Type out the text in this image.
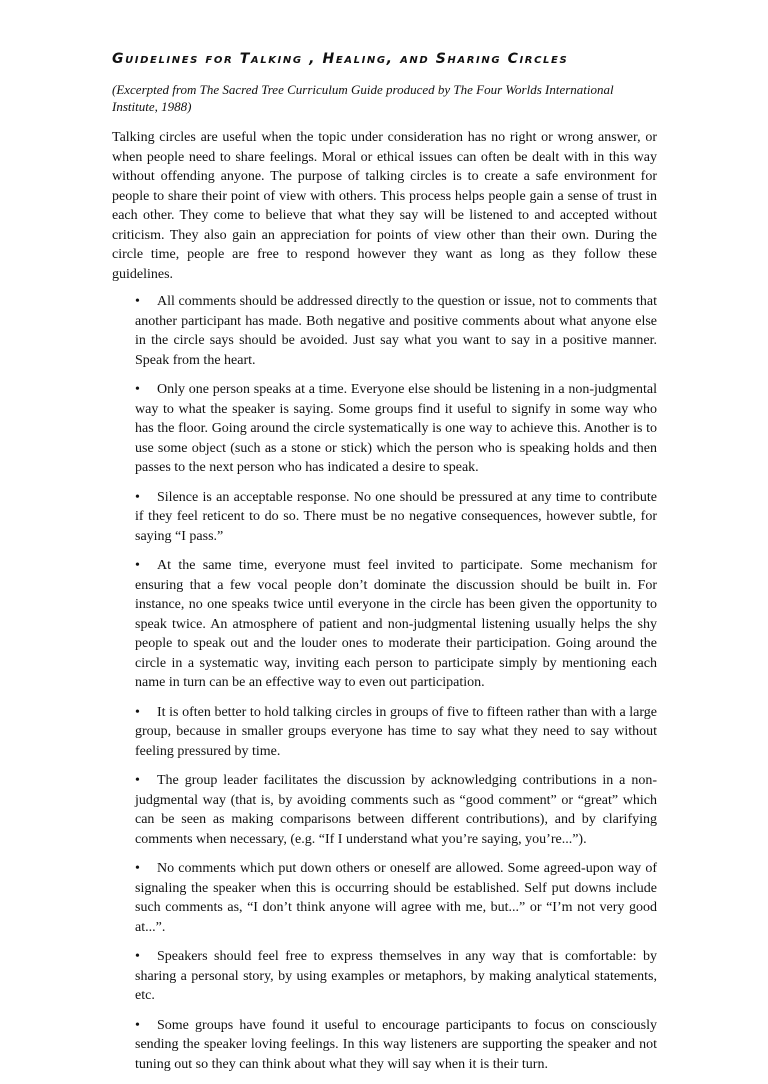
Guidelines for Talking , Healing, and Sharing Circles

(Excerpted from The Sacred Tree Curriculum Guide produced by The Four Worlds International Institute, 1988)

Talking circles are useful when the topic under consideration has no right or wrong answer, or when people need to share feelings. Moral or ethical issues can often be dealt with in this way without offending anyone. The purpose of talking circles is to create a safe environment for people to share their point of view with others. This process helps people gain a sense of trust in each other. They come to believe that what they say will be listened to and accepted without criticism. They also gain an appreciation for points of view other than their own. During the circle time, people are free to respond however they want as long as they follow these guidelines.

• All comments should be addressed directly to the question or issue, not to comments that another participant has made. Both negative and positive comments about what anyone else in the circle says should be avoided. Just say what you want to say in a positive manner. Speak from the heart.
• Only one person speaks at a time. Everyone else should be listening in a non-judgmental way to what the speaker is saying. Some groups find it useful to signify in some way who has the floor. Going around the circle systematically is one way to achieve this. Another is to use some object (such as a stone or stick) which the person who is speaking holds and then passes to the next person who has indicated a desire to speak.
• Silence is an acceptable response. No one should be pressured at any time to contribute if they feel reticent to do so. There must be no negative consequences, however subtle, for saying “I pass.”
• At the same time, everyone must feel invited to participate. Some mechanism for ensuring that a few vocal people don’t dominate the discussion should be built in. For instance, no one speaks twice until everyone in the circle has been given the opportunity to speak twice. An atmosphere of patient and non-judgmental listening usually helps the shy people to speak out and the louder ones to moderate their participation. Going around the circle in a systematic way, inviting each person to participate simply by mentioning each name in turn can be an effective way to even out participation.
• It is often better to hold talking circles in groups of five to fifteen rather than with a large group, because in smaller groups everyone has time to say what they need to say without feeling pressured by time.
• The group leader facilitates the discussion by acknowledging contributions in a non-judgmental way (that is, by avoiding comments such as “good comment” or “great” which can be seen as making comparisons between different contributions), and by clarifying comments when necessary, (e.g. “If I understand what you’re saying, you’re...”).
• No comments which put down others or oneself are allowed. Some agreed-upon way of signaling the speaker when this is occurring should be established. Self put downs include such comments as, “I don’t think anyone will agree with me, but...” or “I’m not very good at...”.
• Speakers should feel free to express themselves in any way that is comfortable: by sharing a personal story, by using examples or metaphors, by making analytical statements, etc.
• Some groups have found it useful to encourage participants to focus on consciously sending the speaker loving feelings. In this way listeners are supporting the speaker and not tuning out so they can think about what they will say when it is their turn.
